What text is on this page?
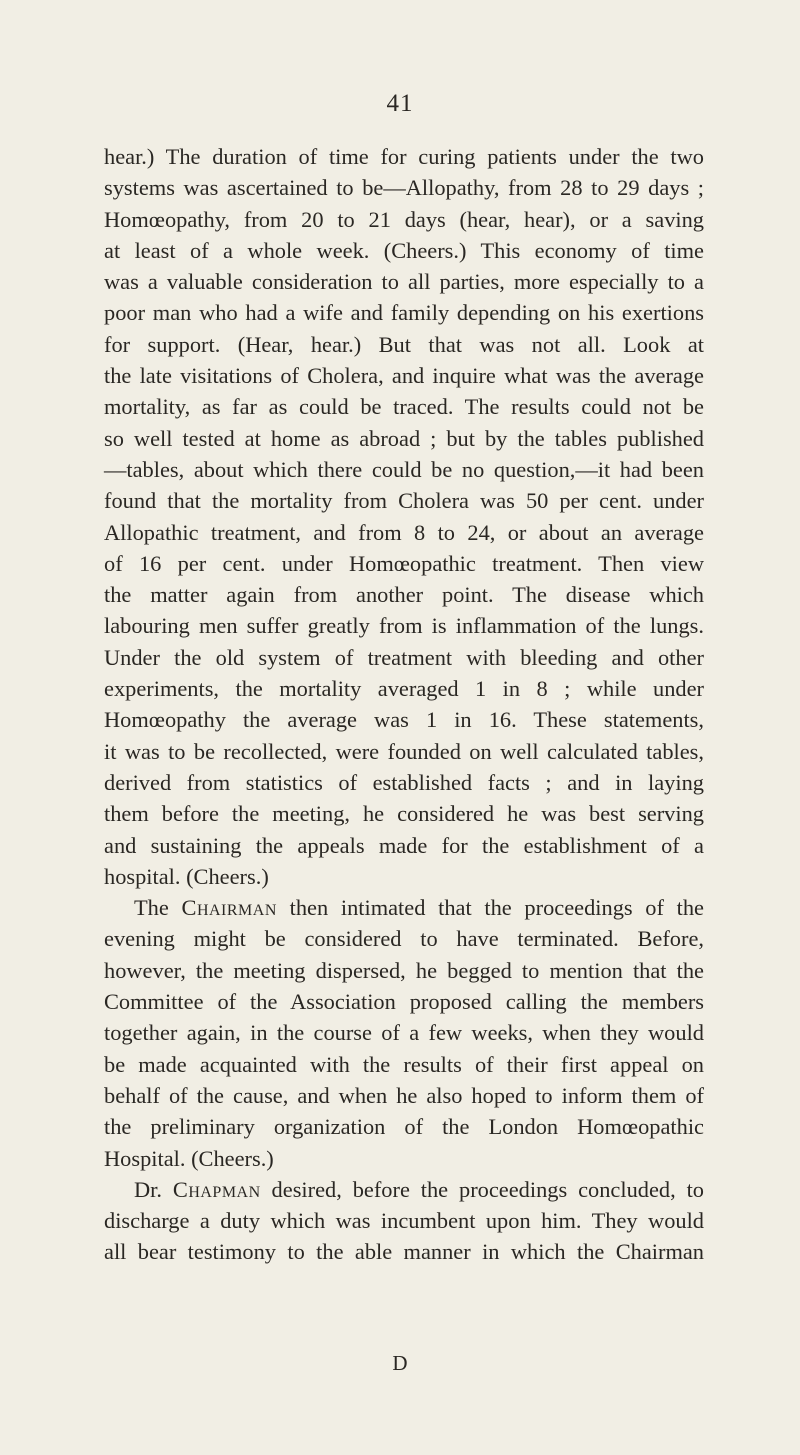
41
hear.) The duration of time for curing patients under the two
systems was ascertained to be—Allopathy, from 28 to 29 days ;
Homœopathy, from 20 to 21 days (hear, hear), or a saving
at least of a whole week. (Cheers.) This economy of time
was a valuable consideration to all parties, more especially to a
poor man who had a wife and family depending on his exertions
for support. (Hear, hear.) But that was not all. Look at
the late visitations of Cholera, and inquire what was the average
mortality, as far as could be traced. The results could not be
so well tested at home as abroad ; but by the tables published
—tables, about which there could be no question,—it had been
found that the mortality from Cholera was 50 per cent. under
Allopathic treatment, and from 8 to 24, or about an average
of 16 per cent. under Homœopathic treatment. Then view
the matter again from another point. The disease which
labouring men suffer greatly from is inflammation of the lungs.
Under the old system of treatment with bleeding and other
experiments, the mortality averaged 1 in 8 ; while under
Homœopathy the average was 1 in 16. These statements,
it was to be recollected, were founded on well calculated tables,
derived from statistics of established facts ; and in laying
them before the meeting, he considered he was best serving
and sustaining the appeals made for the establishment of a
hospital. (Cheers.)
The Chairman then intimated that the proceedings of the
evening might be considered to have terminated. Before,
however, the meeting dispersed, he begged to mention that the
Committee of the Association proposed calling the members
together again, in the course of a few weeks, when they would
be made acquainted with the results of their first appeal on
behalf of the cause, and when he also hoped to inform them of
the preliminary organization of the London Homœopathic
Hospital. (Cheers.)
Dr. Chapman desired, before the proceedings concluded, to
discharge a duty which was incumbent upon him. They would
all bear testimony to the able manner in which the Chairman
D
